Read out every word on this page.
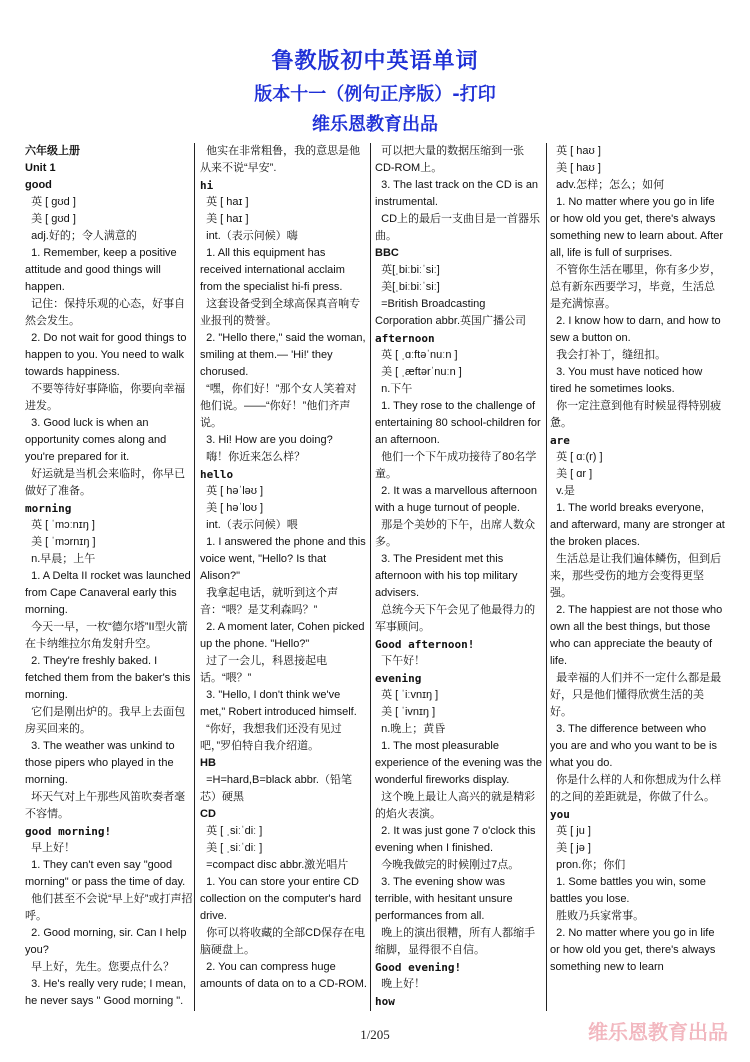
鲁教版初中英语单词
版本十一（例句正序版）-打印
维乐恩教育出品
六年级上册
Unit 1
good
英 [ ɡʊd ]
美 [ ɡʊd ]
adj.好的；令人满意的
1. Remember, keep a positive attitude and good things will happen.
记住：保持乐观的心态，好事自然会发生。
2. Do not wait for good things to happen to you. You need to walk towards happiness.
不要等待好事降临，你要向幸福进发。
3. Good luck is when an opportunity comes along and you're prepared for it.
好运就是当机会来临时，你早已做好了准备。
morning
英 [ ˈmɔːnɪŋ ]
美 [ ˈmɔrnɪŋ ]
n.早晨；上午
1. A Delta II rocket was launched from Cape Canaveral early this morning.
今天一早，一枚“德尔塔”II型火箭在卡纳维拉尔角发射升空。
2. They're freshly baked. I fetched them from the baker's this morning.
它们是刚出炉的。我早上去面包房买回来的。
3. The weather was unkind to those pipers who played in the morning.
坏天气对上午那些风笛吹奏者毫不容情。
good morning!
早上好！
1. They can't even say "good morning" or pass the time of day.
他们甚至不会说“早上好”或打声招呼。
2. Good morning, sir. Can I help you?
早上好，先生。您要点什么？
3. He's really very rude; I mean, he never says " Good morning ".
他实在非常粗鲁，我的意思是他从来不说“早安”.
hi
英 [ haɪ ]
美 [ haɪ ]
int.（表示问候）嗨
1. All this equipment has received international acclaim from the specialist hi-fi press.
这套设备受到全球高保真音响专业报刊的赞誉。
2. "Hello there," said the woman, smiling at them.— 'Hi!' they chorused.
“嘿，你们好！”那个女人笑着对他们说。——“你好！”他们齐声说。
3. Hi! How are you doing?
嗨！你近来怎么样？
hello
英 [ həˈləʊ ]
美 [ həˈloʊ ]
int.（表示问候）喂
1. I answered the phone and this voice went, "Hello? Is that Alison?"
我拿起电话，就听到这个声音：“喂？是艾利森吗？”
2. A moment later, Cohen picked up the phone. "Hello?"
过了一会儿，科恩接起电话。“喂？”
3. "Hello, I don't think we've met," Robert introduced himself.
“你好，我想我们还没有见过吧，”罗伯特自我介绍道。
HB
=H=hard,B=black abbr.（铅笔芯）硬黑
CD
英 [ ˌsiːˈdiː ]
美 [ ˌsiːˈdiː ]
=compact disc abbr.激光唱片
1. You can store your entire CD collection on the computer's hard drive.
你可以将收藏的全部CD保存在电脑硬盘上。
2. You can compress huge amounts of data on to a CD-ROM.
可以把大量的数据压缩到一张CD-ROM上。
3. The last track on the CD is an instrumental.
CD上的最后一支曲目是一首器乐曲。
BBC
英[ˌbiːbiːˈsiː]
美[ˌbiːbiːˈsiː]
=British Broadcasting Corporation abbr.英国广播公司
afternoon
英 [ ˌɑːftəˈnuːn ]
美 [ ˌæftərˈnuːn ]
n.下午
1. They rose to the challenge of entertaining 80 school-children for an afternoon.
他们一个下午成功接待了80名学童。
2. It was a marvellous afternoon with a huge turnout of people.
那是个美妙的下午，出席人数众多。
3. The President met this afternoon with his top military advisers.
总统今天下午会见了他最得力的军事顾问。
Good afternoon!
下午好！
evening
英 [ ˈiːvnɪŋ ]
美 [ ˈivnɪŋ ]
n.晚上；黄昏
1. The most pleasurable experience of the evening was the wonderful fireworks display.
这个晚上最让人高兴的就是精彩的焰火表演。
2. It was just gone 7 o'clock this evening when I finished.
今晚我做完的时候刚过7点。
3. The evening show was terrible, with hesitant unsure performances from all.
晚上的演出很糟，所有人都缩手缩脚，显得很不自信。
Good evening!
晚上好！
how
英 [ haʊ ]
美 [ haʊ ]
adv.怎样；怎么；如何
1. No matter where you go in life or how old you get, there's always something new to learn about. After all, life is full of surprises.
不管你生活在哪里，你有多少岁，总有新东西要学习，毕竟，生活总是充满惊喜。
2. I know how to darn, and how to sew a button on.
我会打补丁，缝纽扣。
3. You must have noticed how tired he sometimes looks.
你一定注意到他有时候显得特别疲惫。
are
英 [ ɑː(r) ]
美 [ ɑr ]
v.是
1. The world breaks everyone, and afterward, many are stronger at the broken places.
生活总是让我们遍体鳞伤，但到后来，那些受伤的地方会变得更坚强。
2. The happiest are not those who own all the best things, but those who can appreciate the beauty of life.
最幸福的人们并不一定什么都是最好，只是他们懂得欣赏生活的美好。
3. The difference between who you are and who you want to be is what you do.
你是什么样的人和你想成为什么样的之间的差距就是，你做了什么。
you
英 [ ju ]
美 [ jə ]
pron.你；你们
1. Some battles you win, some battles you lose.
胜败乃兵家常事。
2. No matter where you go in life or how old you get, there's always something new to learn
1/205	维乐恩教育出品
